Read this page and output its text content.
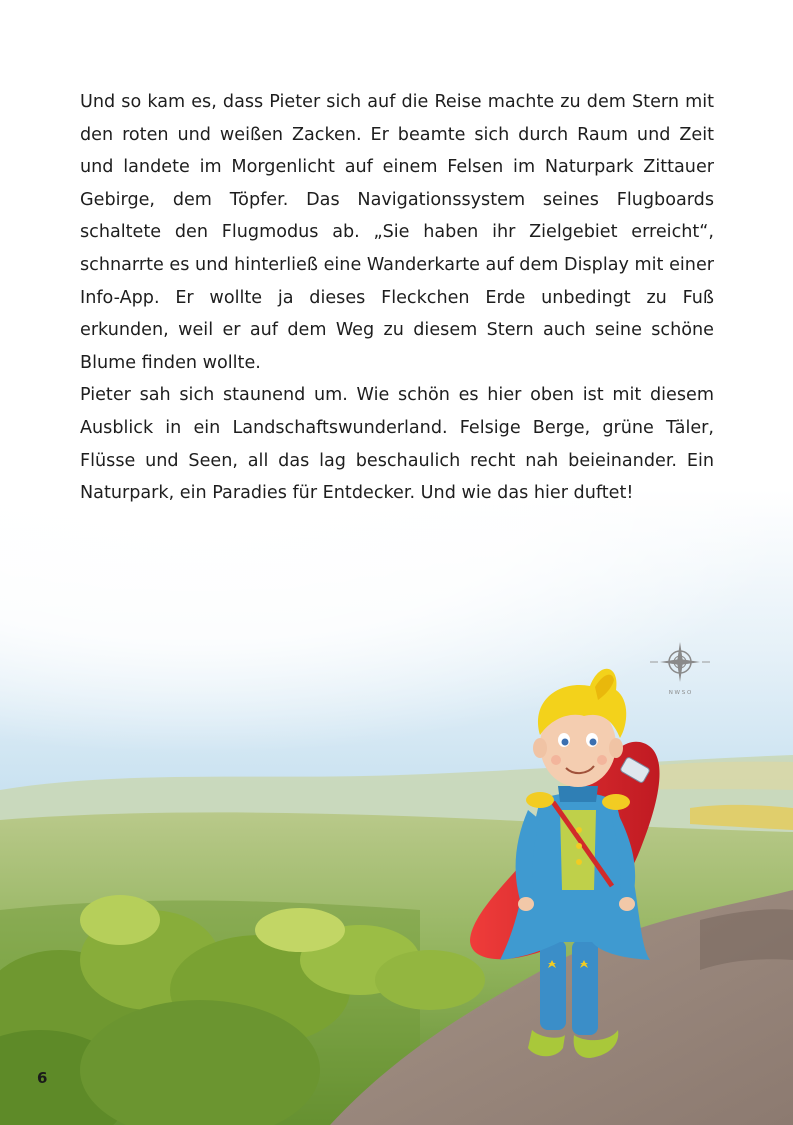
Und so kam es, dass Pieter sich auf die Reise machte zu dem Stern mit den roten und weißen Zacken. Er beamte sich durch Raum und Zeit und landete im Morgenlicht auf einem Felsen im Naturpark Zittauer Gebirge, dem Töpfer. Das Navigationssystem seines Flugboards schaltete den Flugmodus ab. „Sie haben ihr Zielgebiet erreicht“, schnarrte es und hinterließ eine Wanderkarte auf dem Display mit einer Info-App. Er wollte ja dieses Fleckchen Erde unbedingt zu Fuß erkunden, weil er auf dem Weg zu diesem Stern auch seine schöne Blume finden wollte.

Pieter sah sich staunend um. Wie schön es hier oben ist mit diesem Ausblick in ein Landschaftswunderland. Felsige Berge, grüne Täler, Flüsse und Seen, all das lag beschaulich recht nah beieinander. Ein Naturpark, ein Paradies für Entdecker. Und wie das hier duftet!

N W S O
6
